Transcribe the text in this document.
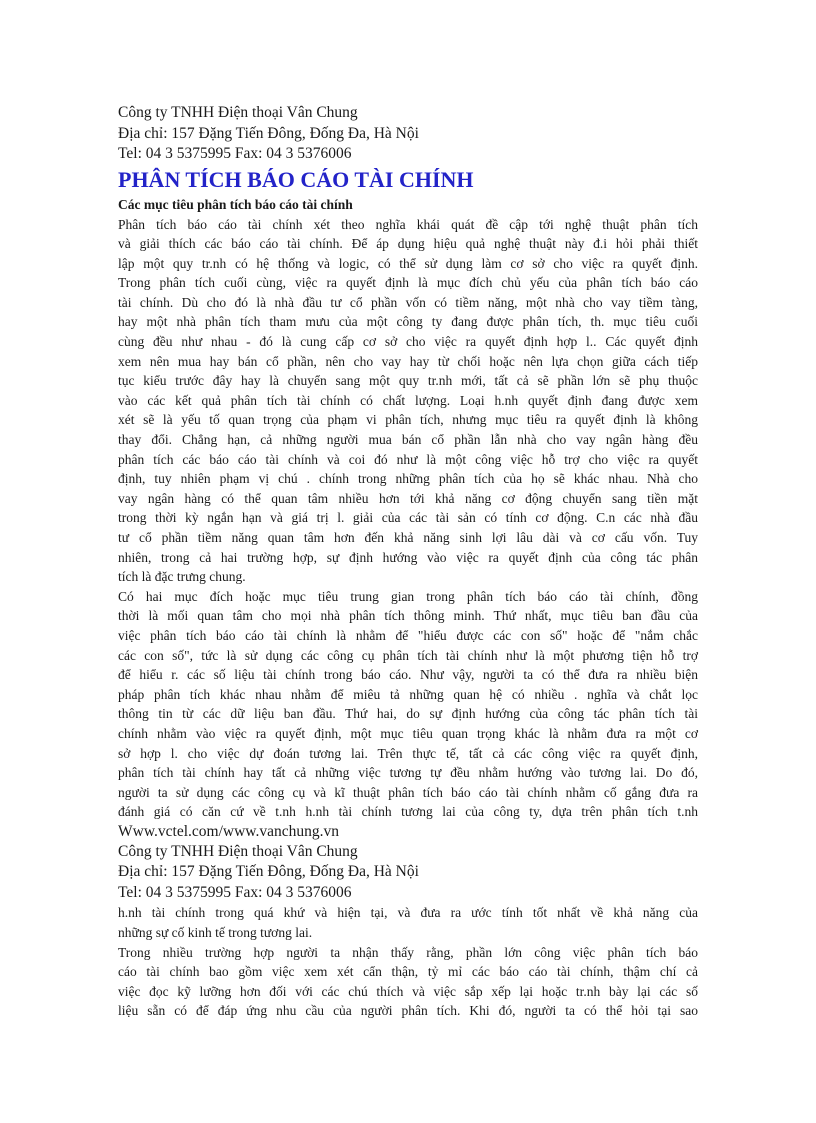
Công ty TNHH Điện thoại Vân Chung

Địa chỉ: 157 Đặng Tiến Đông, Đống Đa, Hà Nội

Tel: 04 3 5375995 Fax: 04 3 5376006

PHÂN TÍCH BÁO CÁO TÀI CHÍNH

Các mục tiêu phân tích báo cáo tài chính

Phân tích báo cáo tài chính xét theo nghĩa khái quát đề cập tới nghệ thuật phân tích

và giải thích các báo cáo tài chính. Để áp dụng hiệu quả nghệ thuật này đ.i hỏi phải thiết

lập một quy tr.nh có hệ thống và logic, có thể sử dụng làm cơ sở cho việc ra quyết định.

Trong phân tích cuối cùng, việc ra quyết định là mục đích chủ yếu của phân tích báo cáo

tài chính. Dù cho đó là nhà đầu tư cổ phần vốn có tiềm năng, một nhà cho vay tiềm tàng,

hay một nhà phân tích tham mưu của một công ty đang được phân tích, th. mục tiêu cuối

cùng đều như nhau - đó là cung cấp cơ sở cho việc ra quyết định hợp l.. Các quyết định

xem nên mua hay bán cổ phần, nên cho vay hay từ chối hoặc nên lựa chọn giữa cách tiếp

tục kiểu trước đây hay là chuyển sang một quy tr.nh mới, tất cả sẽ phần lớn sẽ phụ thuộc

vào các kết quả phân tích tài chính có chất lượng. Loại h.nh quyết định đang được xem

xét sẽ là yếu tố quan trọng của phạm vi phân tích, nhưng mục tiêu ra quyết định là không

thay đổi. Chẳng hạn, cả những người mua bán cổ phần lẫn nhà cho vay ngân hàng đều

phân tích các báo cáo tài chính và coi đó như là một công việc hỗ trợ cho việc ra quyết

định, tuy nhiên phạm vị chú . chính trong những phân tích của họ sẽ khác nhau. Nhà cho

vay ngân hàng có thể quan tâm nhiều hơn tới khả năng cơ động chuyển sang tiền mặt

trong thời kỳ ngắn hạn và giá trị l. giải của các tài sản có tính cơ động. C.n các nhà đầu

tư cổ phần tiềm năng quan tâm hơn đến khả năng sinh lợi lâu dài và cơ cấu vốn. Tuy

nhiên, trong cả hai trường hợp, sự định hướng vào việc ra quyết định của công tác phân

tích là đặc trưng chung.

Có hai mục đích hoặc mục tiêu trung gian trong phân tích báo cáo tài chính, đồng

thời là mối quan tâm cho mọi nhà phân tích thông minh. Thứ nhất, mục tiêu ban đầu của

việc phân tích báo cáo tài chính là nhằm để "hiểu được các con số" hoặc để "nắm chắc

các con số", tức là sử dụng các công cụ phân tích tài chính như là một phương tiện hỗ trợ

để hiểu r. các số liệu tài chính trong báo cáo. Như vậy, người ta có thể đưa ra nhiều biện

pháp phân tích khác nhau nhằm để miêu tả những quan hệ có nhiều . nghĩa và chắt lọc

thông tin từ các dữ liệu ban đầu. Thứ hai, do sự định hướng của công tác phân tích tài

chính nhằm vào việc ra quyết định, một mục tiêu quan trọng khác là nhằm đưa ra một cơ

sở hợp l. cho việc dự đoán tương lai. Trên thực tế, tất cả các công việc ra quyết định,

phân tích tài chính hay tất cả những việc tương tự đều nhằm hướng vào tương lai. Do đó,

người ta sử dụng các công cụ và kĩ thuật phân tích báo cáo tài chính nhằm cố gắng đưa ra

đánh giá có căn cứ về t.nh h.nh tài chính tương lai của công ty, dựa trên phân tích t.nh

Www.vctel.com/www.vanchung.vn

Công ty TNHH Điện thoại Vân Chung

Địa chỉ: 157 Đặng Tiến Đông, Đống Đa, Hà Nội

Tel: 04 3 5375995 Fax: 04 3 5376006

h.nh tài chính trong quá khứ và hiện tại, và đưa ra ước tính tốt nhất về khả năng của

những sự cố kinh tế trong tương lai.

Trong nhiều trường hợp người ta nhận thấy rằng, phần lớn công việc phân tích báo

cáo tài chính bao gồm việc xem xét cẩn thận, tỷ mỉ các báo cáo tài chính, thậm chí cả

việc đọc kỹ lưỡng hơn đối với các chú thích và việc sắp xếp lại hoặc tr.nh bày lại các số

liệu sẵn có để đáp ứng nhu cầu của người phân tích. Khi đó, người ta có thể hỏi tại sao
